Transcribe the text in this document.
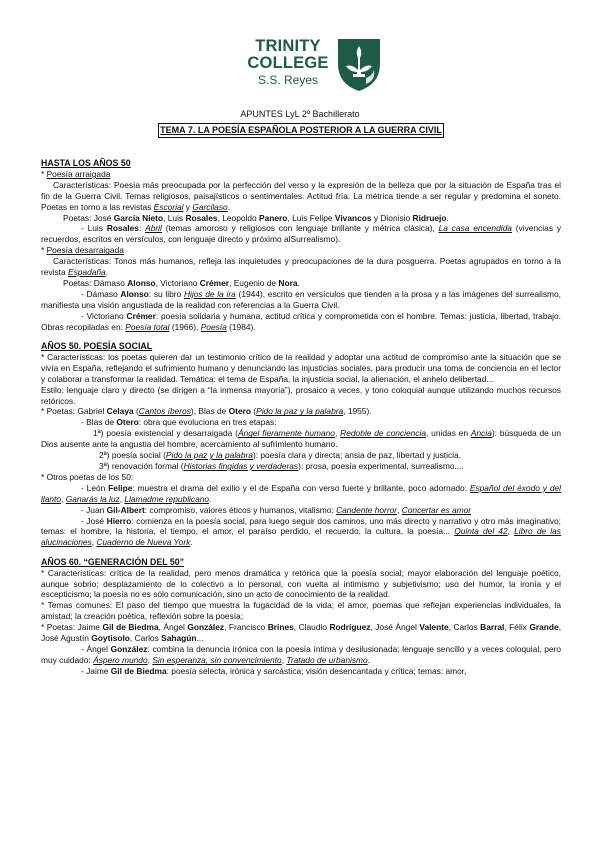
TRINITY
COLLEGE
S.S. Reyes
APUNTES LyL 2º Bachillerato
TEMA 7. LA POESÍA ESPAÑOLA POSTERIOR A LA GUERRA CIVIL

HASTA LOS AÑOS 50

* Poesía arraigada

Características: Poesía más preocupada por la perfección del verso y la expresión de la belleza que por la situación de España tras el fin de la Guerra Civil. Temas religiosos, paisajísticos o sentimentales. Actitud fría. La métrica tiende a ser regular y predomina el soneto. Poetas en torno a las revistas Escorial y Garcilaso.

Poetas: José García Nieto, Luis Rosales, Leopoldo Panero, Luis Felipe Vivancos y Dionisio Ridruejo.

- Luis Rosales: Abril (temas amoroso y religiosos con lenguaje brillante y métrica clásica), La casa encendida (vivencias y recuerdos, escritos en versículos, con lenguaje directo y próximo alSurrealismo).

* Poesía desarraigada

Características: Tonos más humanos, refleja las inquietudes y preocupaciones de la dura posguerra. Poetas agrupados en torno a la revista Espadaña.

Poetas: Dámaso Alonso, Victoriano Crémer, Eugenio de Nora.

- Dámaso Alonso: su libro Hijos de la ira (1944), escrito en versículos que tienden a la prosa y a las imágenes del surrealismo, manifiesta una visión angustiada de la realidad con referencias a la Guerra Civil.

- Victoriano Crémer: poesía solidaria y humana, actitud crítica y comprometida con el hombre. Temas: justicia, libertad, trabajo. Obras recopiladas en: Poesía total (1966), Poesía (1984).

AÑOS 50. POESÍA SOCIAL

* Características: los poetas quieren dar un testimonio crítico de la realidad y adoptar una actitud de compromiso ante la situación que se vivía en España, reflejando el sufrimiento humano y denunciando las injusticias sociales, para producir una toma de conciencia en el lector y colaborar a transformar la realidad. Temática: el tema de España, la injusticia social, la alienación, el anhelo delibertad...

Estilo: lenguaje claro y directo (se dirigen a “la inmensa mayoría”), prosaico a veces, y tono coloquial aunque utilizando muchos recursos retóricos.

* Poetas: Gabriel Celaya (Cantos íberos), Blas de Otero (Pido la paz y la palabra, 1955).

- Blas de Otero: obra que evoluciona en tres etapas:

1ª) poesía existencial y desarraigada (Ángel fieramente humano, Redoble de conciencia, unidas en Ancia): búsqueda de un Dios ausente ante la angustia del hombre, acercamiento al sufrimiento humano.

2ª) poesía social (Pido la paz y la palabra): poesía clara y directa; ansia de paz, libertad y justicia.

3ª) renovación formal (Historias fingidas y verdaderas): prosa, poesía experimental, surrealismo....

* Otros poetas de los 50:

- León Felipe: muestra el drama del exilio y el de España con verso fuerte y brillante, poco adornado: Español del éxodo y del llanto, Ganarás la luz, Llamadme republicano.

- Juan Gil-Albert: compromiso, valores éticos y humanos, vitalismo: Candente horror, Concertar es amor

- José Hierro: comienza en la poesía social, para luego seguir dos caminos, uno más directo y narrativo y otro más imaginativo; temas: el hombre, la historia, el tiempo, el amor, el paraíso perdido, el recuerdo, la cultura, la poesía... Quinta del 42, Libro de las alucinaciones, Cuaderno de Nueva York.

AÑOS 60. “GENERACIÓN DEL 50”

* Características: crítica de la realidad, pero menos dramática y retórica que la poesía social; mayor elaboración del lenguaje poético, aunque sobrio; desplazamiento de lo colectivo a lo personal, con vuelta al intimismo y subjetivismo; uso del humor, la ironía y el escepticismo; la poesía no es sólo comunicación, sino un acto de conocimiento de la realidad.

* Temas comunes: El paso del tiempo que muestra la fugacidad de la vida; el amor, poemas que reflejan experiencias individuales, la amistad; la creación poética, reflexión sobre la poesía;

* Poetas: Jaime Gil de Biedma, Ángel González, Francisco Brines, Claudio Rodríguez, José Ángel Valente, Carlos Barral, Félix Grande, José Agustín Goytisolo, Carlos Sahagún...

- Ángel González: combina la denuncia irónica con la poesía íntima y desilusionada; lenguaje sencillo y a veces coloquial, pero muy cuidado: Áspero mundo, Sin esperanza, sin convencimiento, Tratado de urbanismo.

- Jaime Gil de Biedma: poesía selecta, irónica y sarcástica; visión desencantada y crítica; temas: amor,
